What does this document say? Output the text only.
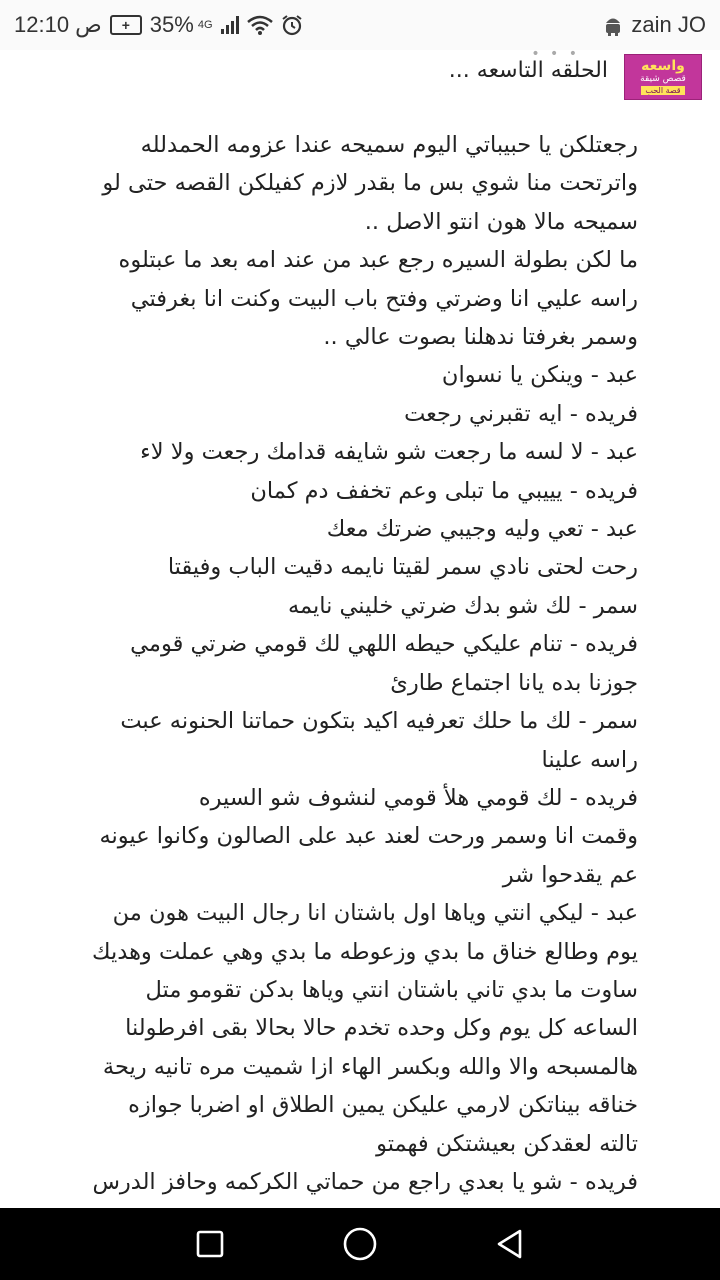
12:10 ص	+ 35% 4G	zain JO
• • •
واسعه
قصص شيقة
قصة الحب
الحلقه التاسعه ...
رجعتلكن يا حبيباتي اليوم سميحه عندا عزومه الحمدلله
واترتحت منا شوي بس ما بقدر لازم كفيلكن القصه حتى لو
سميحه مالا هون انتو الاصل ..
ما لكن بطولة السيره رجع عبد من عند امه بعد ما عبتلوه
راسه عليي انا وضرتي وفتح باب البيت وكنت انا بغرفتي
وسمر بغرفتا ندهلنا بصوت عالي ..
عبد - وينكن يا نسوان
فريده - ايه تقبرني رجعت
عبد - لا لسه ما رجعت شو شايفه قدامك رجعت ولا لاء
فريده - يييبي ما تبلى وعم تخفف دم كمان
عبد - تعي وليه وجيبي ضرتك معك
رحت لحتى نادي سمر لقيتا نايمه دقيت الباب وفيقتا
سمر - لك شو بدك ضرتي خليني نايمه
فريده - تنام عليكي حيطه اللهي لك قومي ضرتي قومي
جوزنا بده يانا اجتماع طارئ
سمر - لك ما حلك تعرفيه اكيد بتكون حماتنا الحنونه عبت
راسه علينا
فريده - لك قومي هلأ قومي لنشوف شو السيره
وقمت انا وسمر ورحت لعند عبد على الصالون وكانوا عيونه
عم يقدحوا شر
عبد - ليكي انتي وياها اول باشتان انا رجال البيت هون من
يوم وطالع خناق ما بدي وزعوطه ما بدي وهي عملت وهديك
ساوت ما بدي تاني باشتان انتي وياها بدكن تقومو متل
الساعه كل يوم وكل وحده تخدم حالا بحالا بقى افرطولنا
هالمسبحه والا والله وبكسر الهاء ازا شميت مره تانيه ريحة
خناقه بيناتكن لارمي عليكن يمين الطلاق او اضربا جوازه
تالته لعقدكن بعيشتكن فهمتو
فريده - شو يا بعدي راجع من حماتي الكركمه وحافز الدرس
